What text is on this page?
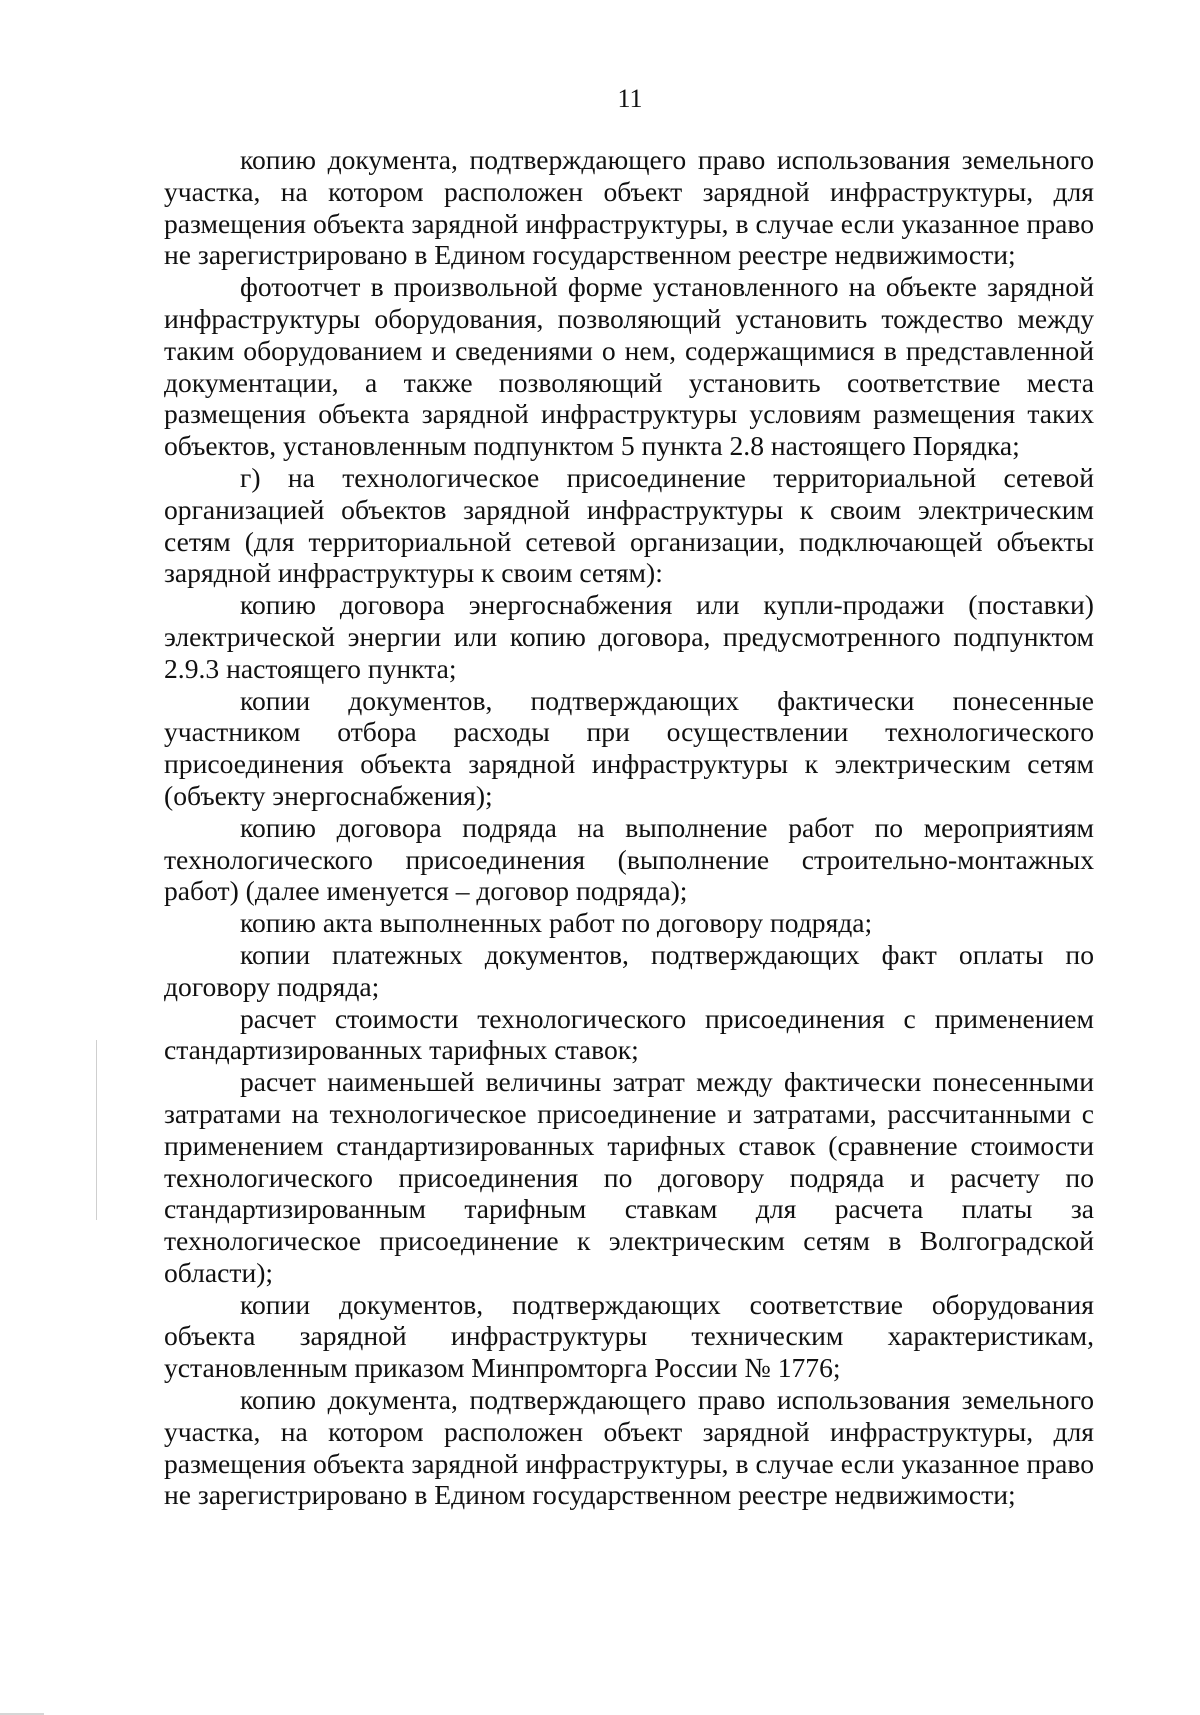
11

копию документа, подтверждающего право использования земельного участка, на котором расположен объект зарядной инфраструктуры, для размещения объекта зарядной инфраструктуры, в случае если указанное право не зарегистрировано в Едином государственном реестре недвижимости;

фотоотчет в произвольной форме установленного на объекте зарядной инфраструктуры оборудования, позволяющий установить тождество между таким оборудованием и сведениями о нем, содержащимися в представленной документации, а также позволяющий установить соответствие места размещения объекта зарядной инфраструктуры условиям размещения таких объектов, установленным подпунктом 5 пункта 2.8 настоящего Порядка;

г) на технологическое присоединение территориальной сетевой организацией объектов зарядной инфраструктуры к своим электрическим сетям (для территориальной сетевой организации, подключающей объекты зарядной инфраструктуры к своим сетям):

копию договора энергоснабжения или купли-продажи (поставки) электрической энергии или копию договора, предусмотренного подпунктом 2.9.3 настоящего пункта;

копии документов, подтверждающих фактически понесенные участником отбора расходы при осуществлении технологического присоединения объекта зарядной инфраструктуры к электрическим сетям (объекту энергоснабжения);

копию договора подряда на выполнение работ по мероприятиям технологического присоединения (выполнение строительно-монтажных работ) (далее именуется – договор подряда);

копию акта выполненных работ по договору подряда;

копии платежных документов, подтверждающих факт оплаты по договору подряда;

расчет стоимости технологического присоединения с применением стандартизированных тарифных ставок;

расчет наименьшей величины затрат между фактически понесенными затратами на технологическое присоединение и затратами, рассчитанными с применением стандартизированных тарифных ставок (сравнение стоимости технологического присоединения по договору подряда и расчету по стандартизированным тарифным ставкам для расчета платы за технологическое присоединение к электрическим сетям в Волгоградской области);

копии документов, подтверждающих соответствие оборудования объекта зарядной инфраструктуры техническим характеристикам, установленным приказом Минпромторга России № 1776;

копию документа, подтверждающего право использования земельного участка, на котором расположен объект зарядной инфраструктуры, для размещения объекта зарядной инфраструктуры, в случае если указанное право не зарегистрировано в Едином государственном реестре недвижимости;
